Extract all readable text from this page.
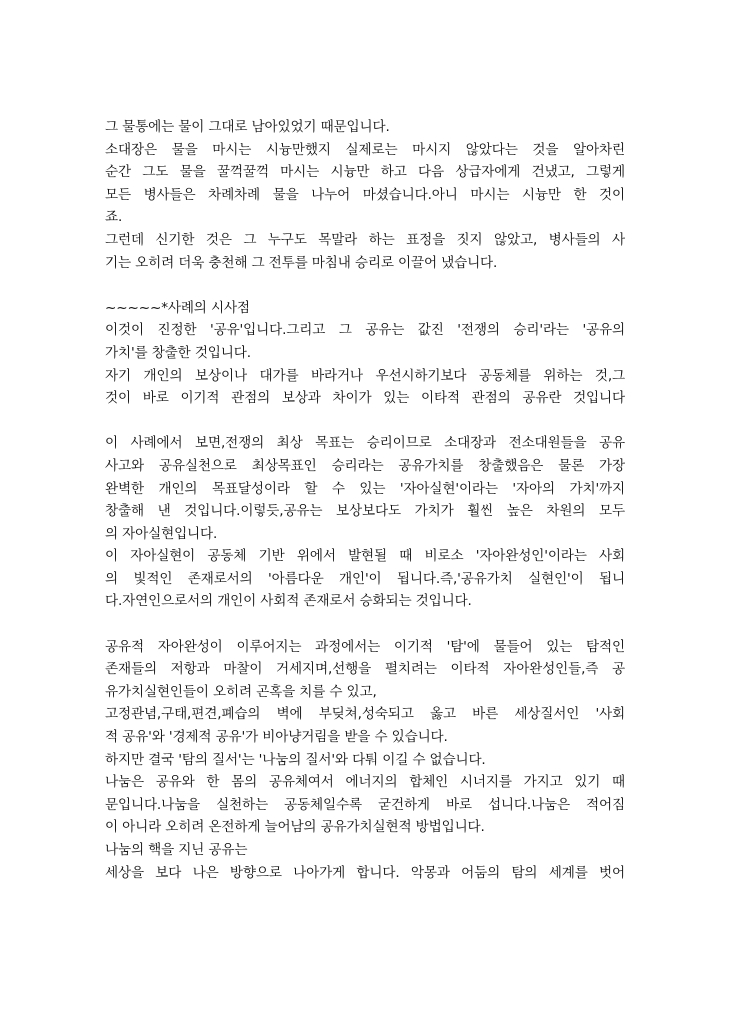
그 물통에는 물이 그대로 남아있었기 때문입니다.
소대장은 물을 마시는 시늉만했지 실제로는 마시지 않았다는 것을 알아차린
순간 그도 물을 꿀꺽꿀꺽 마시는 시늉만 하고 다음 상급자에게 건냈고, 그렇게
모든 병사들은 차례차례 물을 나누어 마셨습니다.아니 마시는 시늉만 한 것이
죠.
그런데 신기한 것은 그 누구도 목말라 하는 표정을 짓지 않았고, 병사들의 사
기는 오히려 더욱 충천해 그 전투를 마침내 승리로 이끌어 냈습니다.
~~~~~*사례의 시사점
이것이 진정한 '공유'입니다.그리고 그 공유는 값진 '전쟁의 승리'라는 '공유의
가치'를 창출한 것입니다.
자기 개인의 보상이나 대가를 바라거나 우선시하기보다 공동체를 위하는 것,그
것이 바로 이기적 관점의 보상과 차이가 있는 이타적 관점의 공유란 것입니다
이 사례에서 보면,전쟁의 최상 목표는 승리이므로 소대장과 전소대원들을 공유
사고와 공유실천으로 최상목표인 승리라는 공유가치를 창출했음은 물론 가장
완벽한 개인의 목표달성이라 할 수 있는 '자아실현'이라는 '자아의 가치'까지
창출해 낸 것입니다.이렇듯,공유는 보상보다도 가치가 훨씬 높은 차원의 모두
의 자아실현입니다.
이 자아실현이 공동체 기반 위에서 발현될 때 비로소 '자아완성인'이라는 사회
의 빛적인 존재로서의 '아름다운 개인'이 됩니다.즉,'공유가치 실현인'이 됩니
다.자연인으로서의 개인이 사회적 존재로서 승화되는 것입니다.
공유적 자아완성이 이루어지는 과정에서는 이기적 '탐'에 물들어 있는 탐적인
존재들의 저항과 마찰이 거세지며,선행을 펼치려는 이타적 자아완성인들,즉 공
유가치실현인들이 오히려 곤혹을 치를 수 있고,
고정관념,구태,편견,폐습의 벽에 부딪쳐,성숙되고 옳고 바른 세상질서인 '사회
적 공유'와 '경제적 공유'가 비아냥거림을 받을 수 있습니다.
하지만 결국 '탐의 질서'는 '나눔의 질서'와 다퉈 이길 수 없습니다.
나눔은 공유와 한 몸의 공유체여서 에너지의 합체인 시너지를 가지고 있기 때
문입니다.나눔을 실천하는 공동체일수록 굳건하게 바로 섭니다.나눔은 적어짐
이 아니라 오히려 온전하게 늘어남의 공유가치실현적 방법입니다.
나눔의 핵을 지닌 공유는
세상을 보다 나은 방향으로 나아가게 합니다. 악몽과 어둠의 탐의 세계를 벗어
